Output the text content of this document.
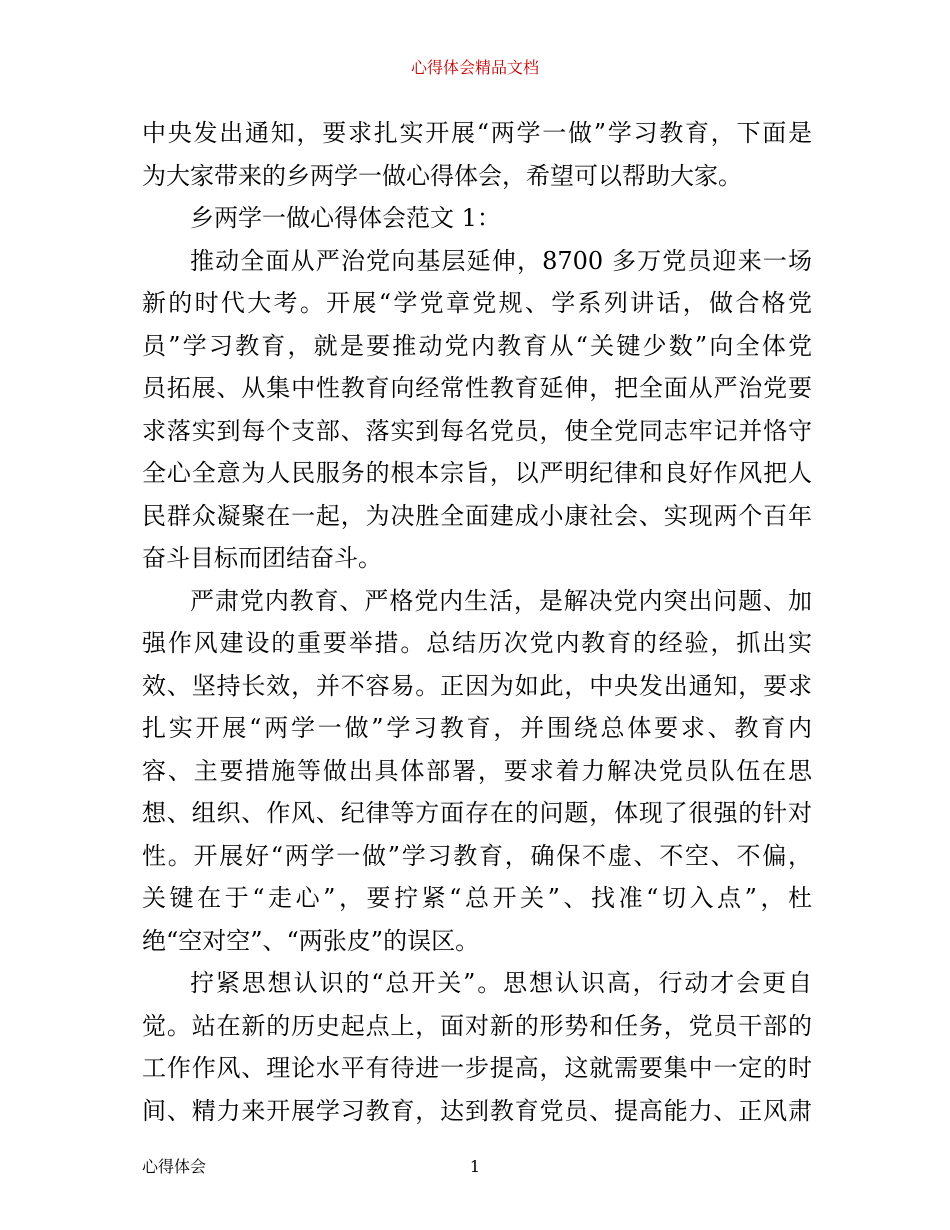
心得体会精品文档
中央发出通知，要求扎实开展“两学一做”学习教育，下面是
为大家带来的乡两学一做心得体会，希望可以帮助大家。
乡两学一做心得体会范文 1：
推动全面从严治党向基层延伸，8700 多万党员迎来一场
新的时代大考。开展“学党章党规、学系列讲话，做合格党
员”学习教育，就是要推动党内教育从“关键少数”向全体党
员拓展、从集中性教育向经常性教育延伸，把全面从严治党要
求落实到每个支部、落实到每名党员，使全党同志牢记并恪守
全心全意为人民服务的根本宗旨，以严明纪律和良好作风把人
民群众凝聚在一起，为决胜全面建成小康社会、实现两个百年
奋斗目标而团结奋斗。
严肃党内教育、严格党内生活，是解决党内突出问题、加
强作风建设的重要举措。总结历次党内教育的经验，抓出实
效、坚持长效，并不容易。正因为如此，中央发出通知，要求
扎实开展“两学一做”学习教育，并围绕总体要求、教育内
容、主要措施等做出具体部署，要求着力解决党员队伍在思
想、组织、作风、纪律等方面存在的问题，体现了很强的针对
性。开展好“两学一做”学习教育，确保不虚、不空、不偏，
关键在于“走心”，要拧紧“总开关”、找准“切入点”，杜
绝“空对空”、“两张皮”的误区。
拧紧思想认识的“总开关”。思想认识高，行动才会更自
觉。站在新的历史起点上，面对新的形势和任务，党员干部的
工作作风、理论水平有待进一步提高，这就需要集中一定的时
间、精力来开展学习教育，达到教育党员、提高能力、正风肃
心得体会	1
